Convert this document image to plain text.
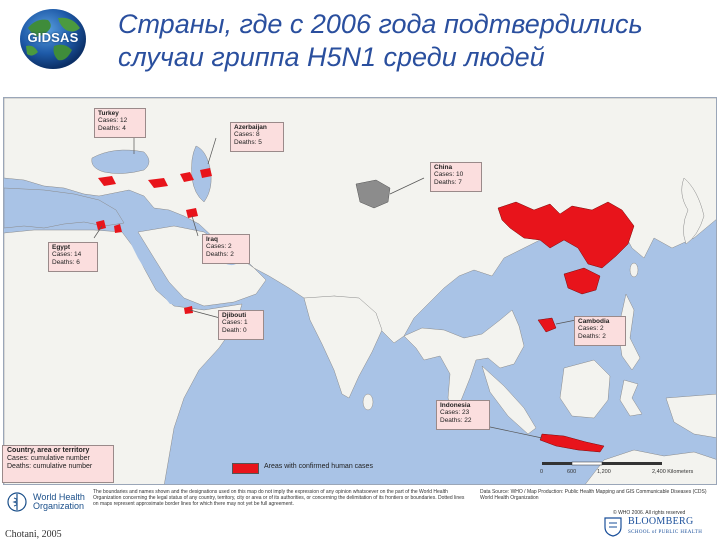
GIDSAS	Страны, где с 2006 года подтвердились
случаи гриппа H5N1 среди людей
Turkey
Cases: 12
Deaths: 4	Azerbaijan
Cases: 8
Deaths: 5
China
Cases: 10
Deaths: 7
Egypt
Cases: 14
Deaths: 6
Iraq
Cases: 2
Deaths: 2
Djibouti
Cases: 1
Death: 0
Cambodia
Cases: 2
Deaths: 2
Indonesia
Cases: 23
Deaths: 22
Country, area or territory
Cases: cumulative number
Deaths: cumulative number	Areas with confirmed human cases
0	600	1,200	2,400 Kilometers
World Health
Organization
The boundaries and names shown and the designations used on this map do not imply the expression of any opinion whatsoever on the part of the World Health Organization concerning the legal status of any country, territory, city or area or of its authorities, or concerning the delimitation of its frontiers or boundaries. Dotted lines on maps represent approximate border lines for which there may not yet be full agreement.
Data Source: WHO / Map Production: Public Health Mapping and GIS Communicable Diseases (CDS) World Health Organization
© WHO 2006. All rights reserved
BLOOMBERG
SCHOOL of PUBLIC HEALTH
Chotani, 2005
